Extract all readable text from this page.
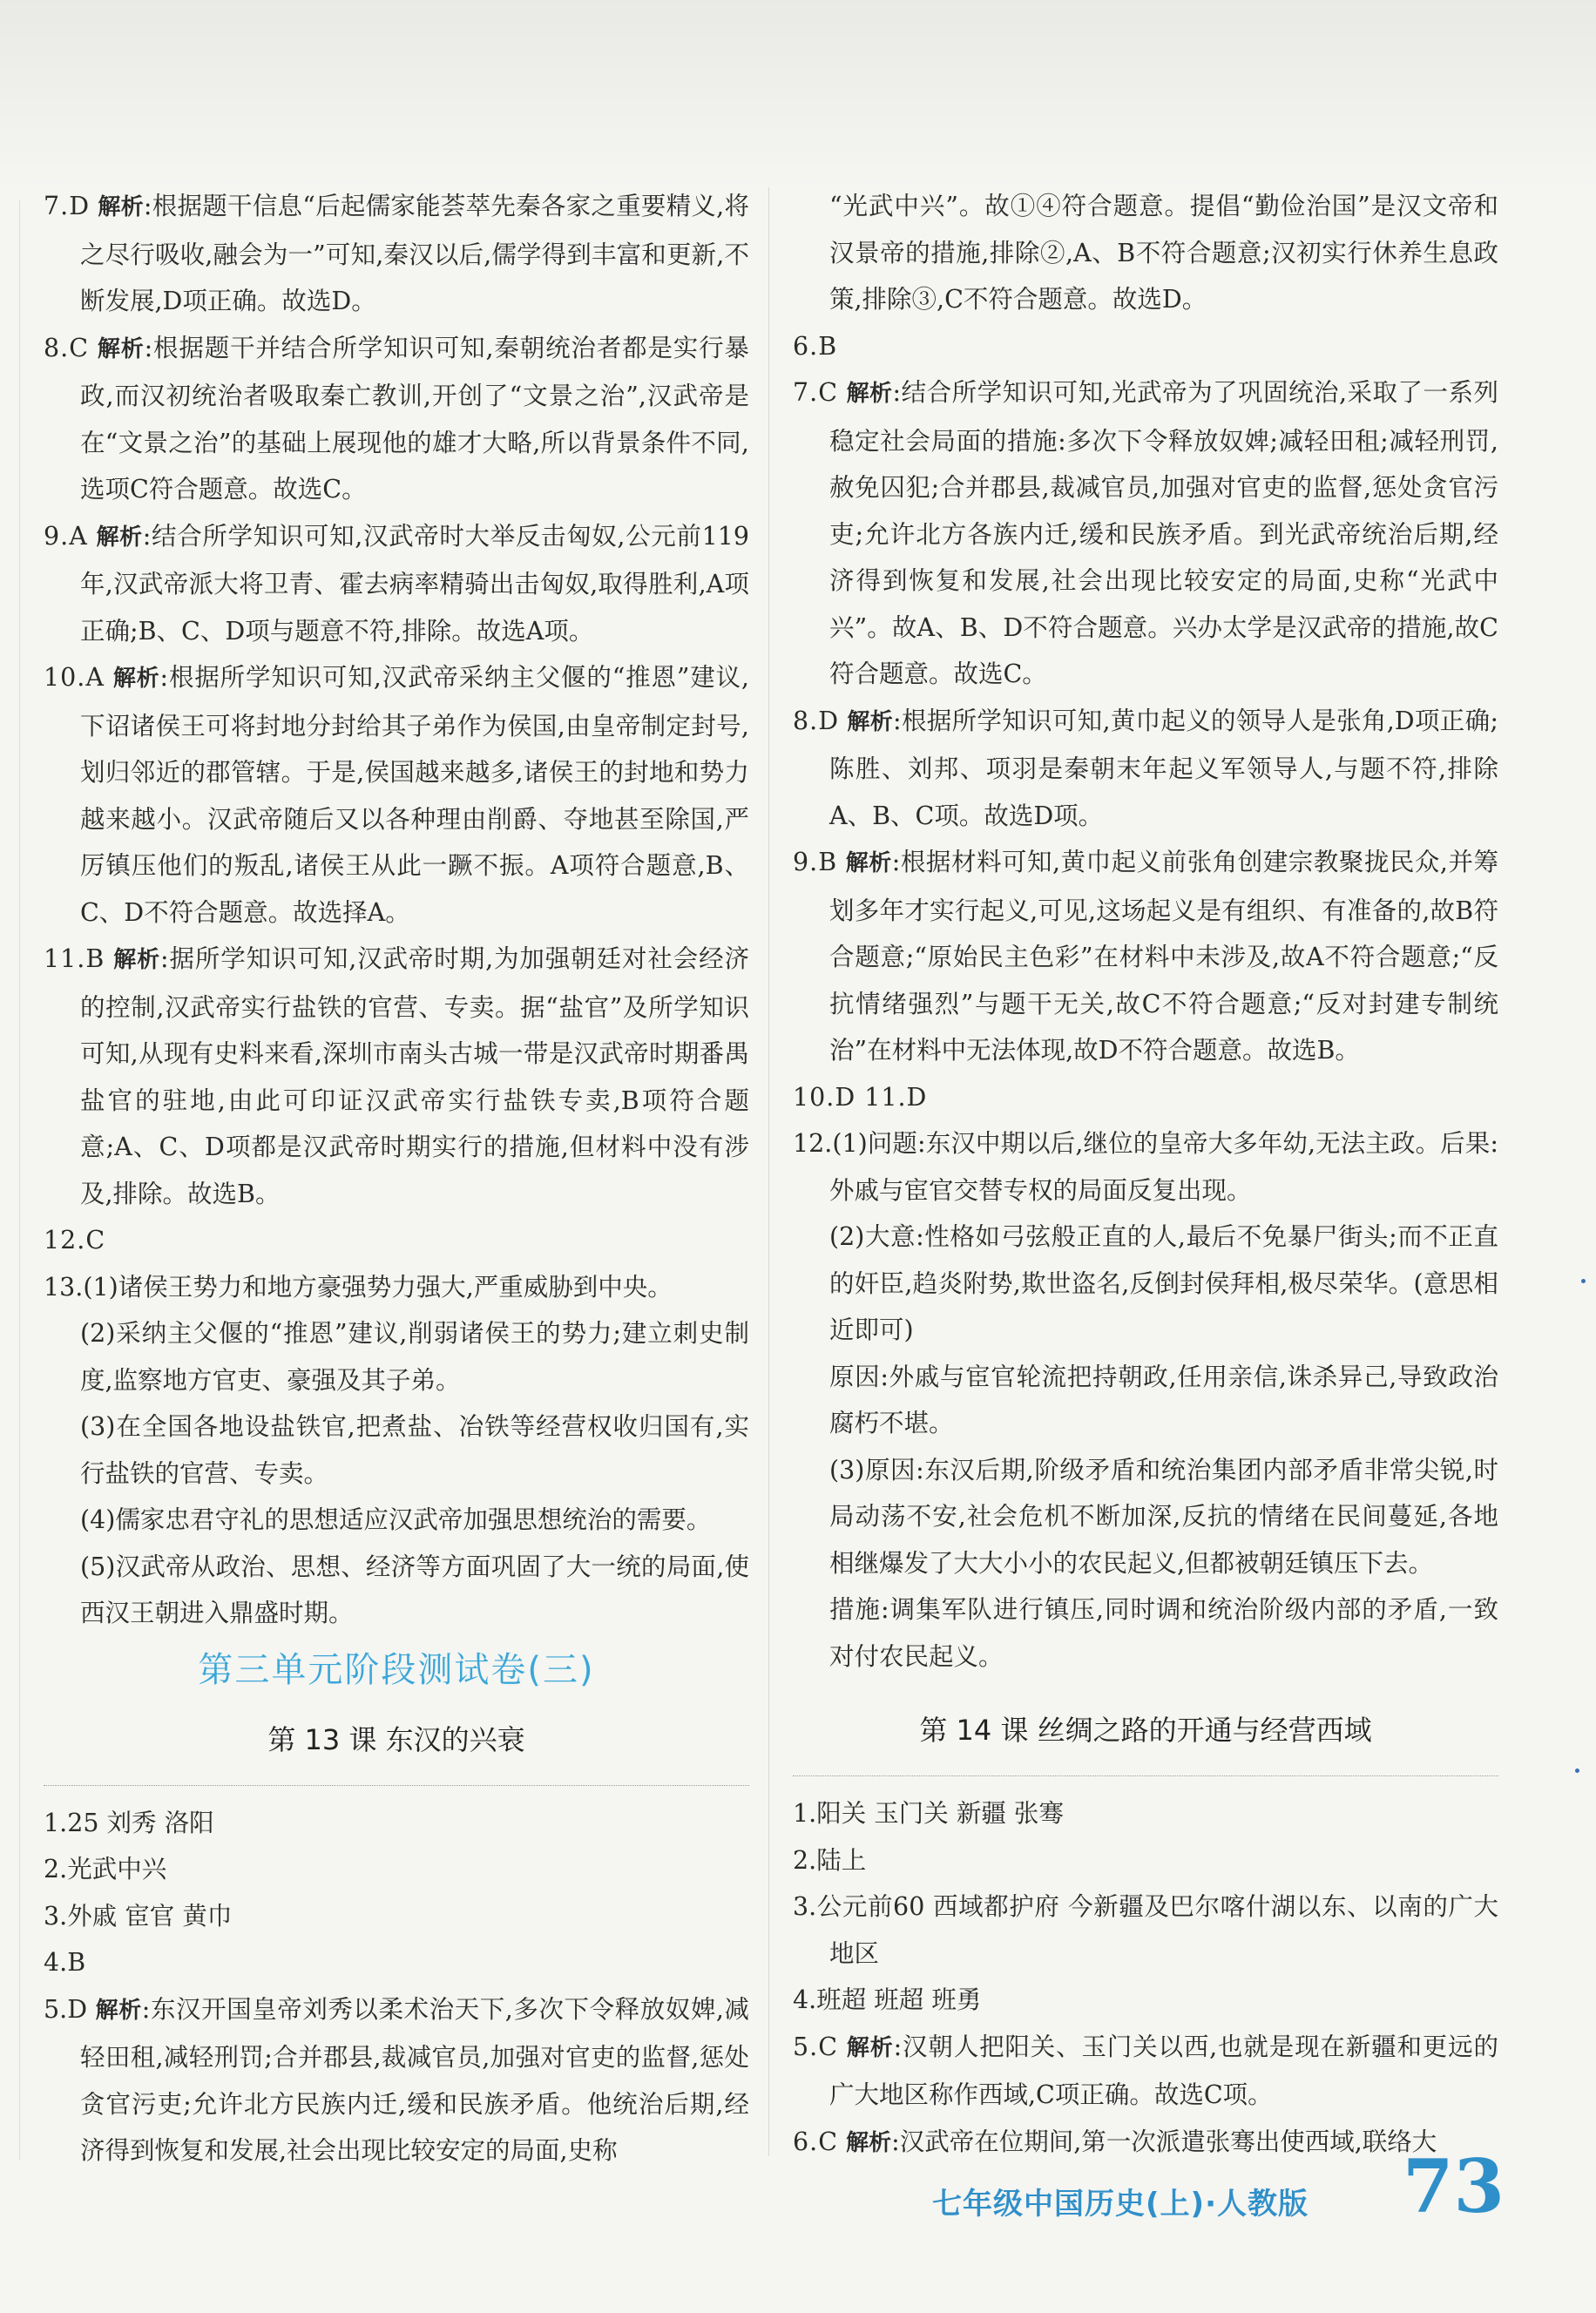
7.D 解析:根据题干信息“后起儒家能荟萃先秦各家之重要精义,将之尽行吸收,融会为一”可知,秦汉以后,儒学得到丰富和更新,不断发展,D项正确。故选D。

8.C 解析:根据题干并结合所学知识可知,秦朝统治者都是实行暴政,而汉初统治者吸取秦亡教训,开创了“文景之治”,汉武帝是在“文景之治”的基础上展现他的雄才大略,所以背景条件不同,选项C符合题意。故选C。

9.A 解析:结合所学知识可知,汉武帝时大举反击匈奴,公元前119年,汉武帝派大将卫青、霍去病率精骑出击匈奴,取得胜利,A项正确;B、C、D项与题意不符,排除。故选A项。

10.A 解析:根据所学知识可知,汉武帝采纳主父偃的“推恩”建议,下诏诸侯王可将封地分封给其子弟作为侯国,由皇帝制定封号,划归邻近的郡管辖。于是,侯国越来越多,诸侯王的封地和势力越来越小。汉武帝随后又以各种理由削爵、夺地甚至除国,严厉镇压他们的叛乱,诸侯王从此一蹶不振。A项符合题意,B、C、D不符合题意。故选择A。

11.B 解析:据所学知识可知,汉武帝时期,为加强朝廷对社会经济的控制,汉武帝实行盐铁的官营、专卖。据“盐官”及所学知识可知,从现有史料来看,深圳市南头古城一带是汉武帝时期番禺盐官的驻地,由此可印证汉武帝实行盐铁专卖,B项符合题意;A、C、D项都是汉武帝时期实行的措施,但材料中没有涉及,排除。故选B。

12.C

13.(1)诸侯王势力和地方豪强势力强大,严重威胁到中央。

(2)采纳主父偃的“推恩”建议,削弱诸侯王的势力;建立刺史制度,监察地方官吏、豪强及其子弟。

(3)在全国各地设盐铁官,把煮盐、冶铁等经营权收归国有,实行盐铁的官营、专卖。

(4)儒家忠君守礼的思想适应汉武帝加强思想统治的需要。

(5)汉武帝从政治、思想、经济等方面巩固了大一统的局面,使西汉王朝进入鼎盛时期。

第三单元阶段测试卷(三)
第 13 课 东汉的兴衰

1.25 刘秀 洛阳

2.光武中兴

3.外戚 宦官 黄巾

4.B

5.D 解析:东汉开国皇帝刘秀以柔术治天下,多次下令释放奴婢,减轻田租,减轻刑罚;合并郡县,裁减官员,加强对官吏的监督,惩处贪官污吏;允许北方民族内迁,缓和民族矛盾。他统治后期,经济得到恢复和发展,社会出现比较安定的局面,史称

“光武中兴”。故①④符合题意。提倡“勤俭治国”是汉文帝和汉景帝的措施,排除②,A、B不符合题意;汉初实行休养生息政策,排除③,C不符合题意。故选D。

6.B

7.C 解析:结合所学知识可知,光武帝为了巩固统治,采取了一系列稳定社会局面的措施:多次下令释放奴婢;减轻田租;减轻刑罚,赦免囚犯;合并郡县,裁减官员,加强对官吏的监督,惩处贪官污吏;允许北方各族内迁,缓和民族矛盾。到光武帝统治后期,经济得到恢复和发展,社会出现比较安定的局面,史称“光武中兴”。故A、B、D不符合题意。兴办太学是汉武帝的措施,故C符合题意。故选C。

8.D 解析:根据所学知识可知,黄巾起义的领导人是张角,D项正确;陈胜、刘邦、项羽是秦朝末年起义军领导人,与题不符,排除A、B、C项。故选D项。

9.B 解析:根据材料可知,黄巾起义前张角创建宗教聚拢民众,并筹划多年才实行起义,可见,这场起义是有组织、有准备的,故B符合题意;“原始民主色彩”在材料中未涉及,故A不符合题意;“反抗情绪强烈”与题干无关,故C不符合题意;“反对封建专制统治”在材料中无法体现,故D不符合题意。故选B。

10.D 11.D

12.(1)问题:东汉中期以后,继位的皇帝大多年幼,无法主政。后果:外戚与宦官交替专权的局面反复出现。

(2)大意:性格如弓弦般正直的人,最后不免暴尸街头;而不正直的奸臣,趋炎附势,欺世盗名,反倒封侯拜相,极尽荣华。(意思相近即可)

原因:外戚与宦官轮流把持朝政,任用亲信,诛杀异己,导致政治腐朽不堪。

(3)原因:东汉后期,阶级矛盾和统治集团内部矛盾非常尖锐,时局动荡不安,社会危机不断加深,反抗的情绪在民间蔓延,各地相继爆发了大大小小的农民起义,但都被朝廷镇压下去。

措施:调集军队进行镇压,同时调和统治阶级内部的矛盾,一致对付农民起义。

第 14 课 丝绸之路的开通与经营西域

1.阳关 玉门关 新疆 张骞

2.陆上

3.公元前60 西域都护府 今新疆及巴尔喀什湖以东、以南的广大地区

4.班超 班超 班勇

5.C 解析:汉朝人把阳关、玉门关以西,也就是现在新疆和更远的广大地区称作西域,C项正确。故选C项。

6.C 解析:汉武帝在位期间,第一次派遣张骞出使西域,联络大

七年级中国历史(上)·人教版 73
